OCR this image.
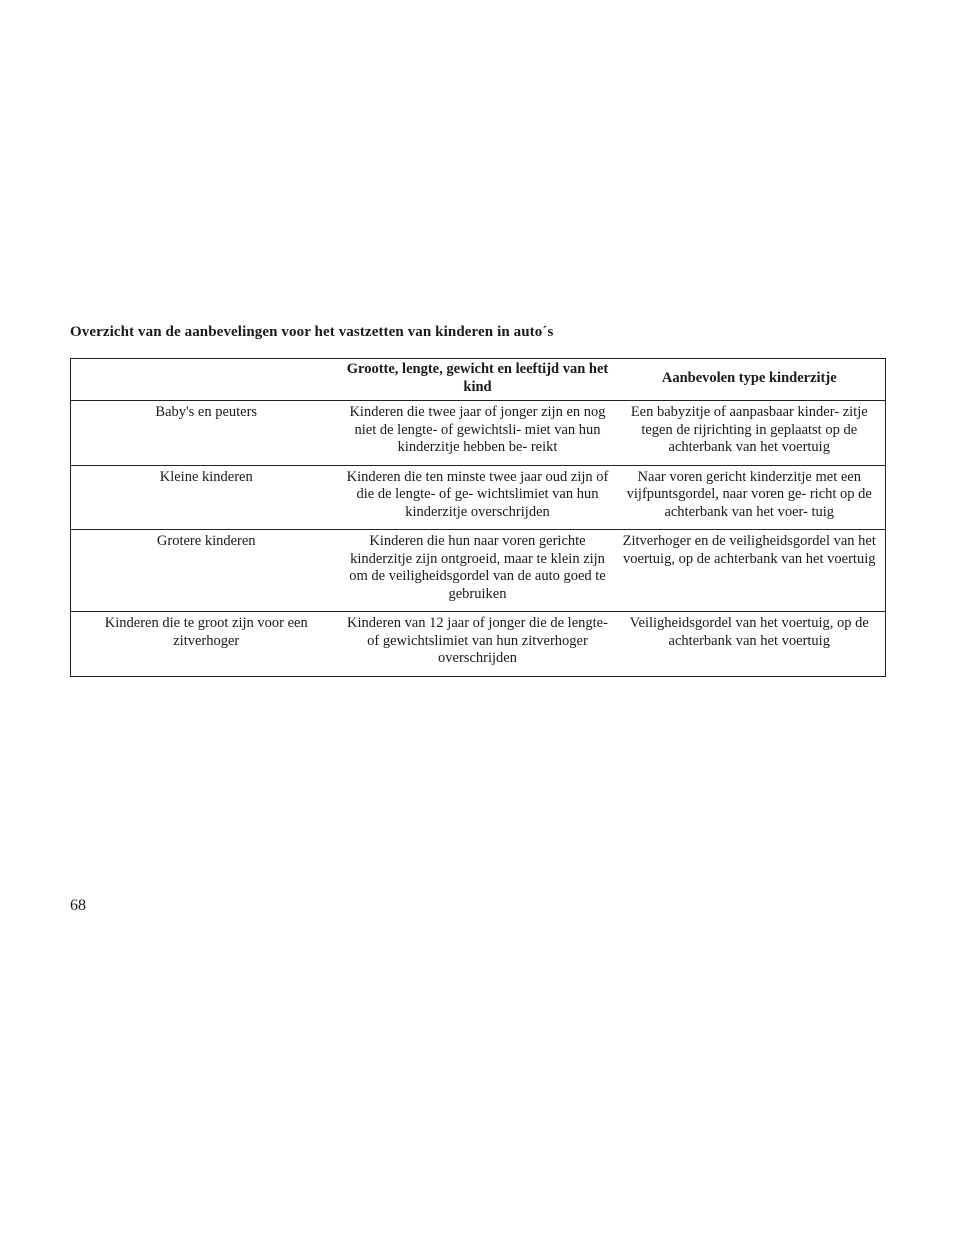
Overzicht van de aanbevelingen voor het vastzetten van kinderen in auto´s
	Grootte, lengte, gewicht en leeftijd van het kind	Aanbevolen type kinderzitje
Baby's en peuters	Kinderen die twee jaar of jonger zijn en nog niet de lengte- of gewichtsli- miet van hun kinderzitje hebben be- reikt	Een babyzitje of aanpasbaar kinder- zitje tegen de rijrichting in geplaatst op de achterbank van het voertuig
Kleine kinderen	Kinderen die ten minste twee jaar oud zijn of die de lengte- of ge- wichtslimiet van hun kinderzitje overschrijden	Naar voren gericht kinderzitje met een vijfpuntsgordel, naar voren ge- richt op de achterbank van het voer- tuig
Grotere kinderen	Kinderen die hun naar voren gerichte kinderzitje zijn ontgroeid, maar te klein zijn om de veiligheidsgordel van de auto goed te gebruiken	Zitverhoger en de veiligheidsgordel van het voertuig, op de achterbank van het voertuig
Kinderen die te groot zijn voor een zitverhoger	Kinderen van 12 jaar of jonger die de lengte- of gewichtslimiet van hun zitverhoger overschrijden	Veiligheidsgordel van het voertuig, op de achterbank van het voertuig
68
